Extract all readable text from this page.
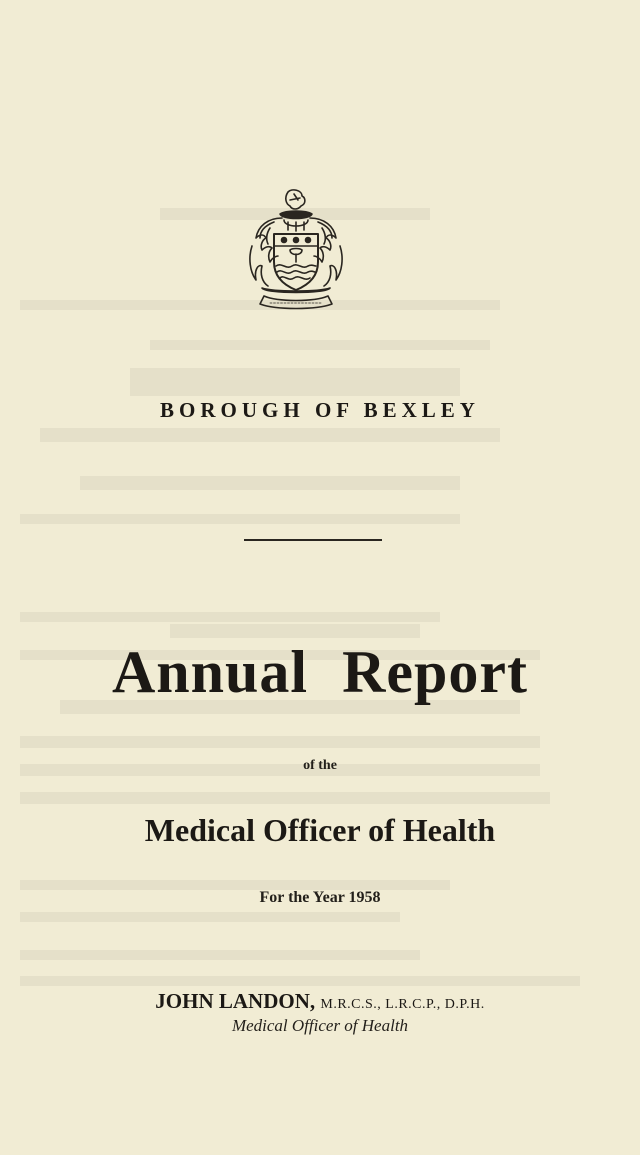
BOROUGH OF BEXLEY
Annual Report
of the
Medical Officer of Health
For the Year 1958
JOHN LANDON, M.R.C.S., L.R.C.P., D.P.H.
Medical Officer of Health
